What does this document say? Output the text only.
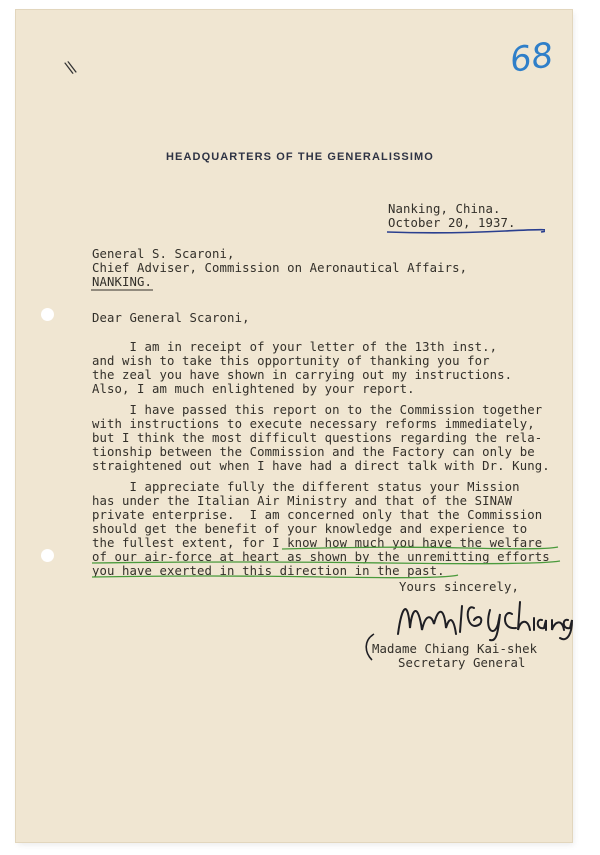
\\	68
HEADQUARTERS OF THE GENERALISSIMO
Nanking, China.
October 20, 1937.
General S. Scaroni,
Chief Adviser, Commission on Aeronautical Affairs,
NANKING.
Dear General Scaroni,
I am in receipt of your letter of the 13th inst.,
and wish to take this opportunity of thanking you for
the zeal you have shown in carrying out my instructions.
Also, I am much enlightened by your report.
I have passed this report on to the Commission together
with instructions to execute necessary reforms immediately,
but I think the most difficult questions regarding the rela-
tionship between the Commission and the Factory can only be
straightened out when I have had a direct talk with Dr. Kung.
I appreciate fully the different status your Mission
has under the Italian Air Ministry and that of the SINAW
private enterprise.  I am concerned only that the Commission
should get the benefit of your knowledge and experience to
the fullest extent, for I know how much you have the welfare
of our air-force at heart as shown by the unremitting efforts
you have exerted in this direction in the past.
Yours sincerely,
Madame Chiang Kai-shek
Secretary General
